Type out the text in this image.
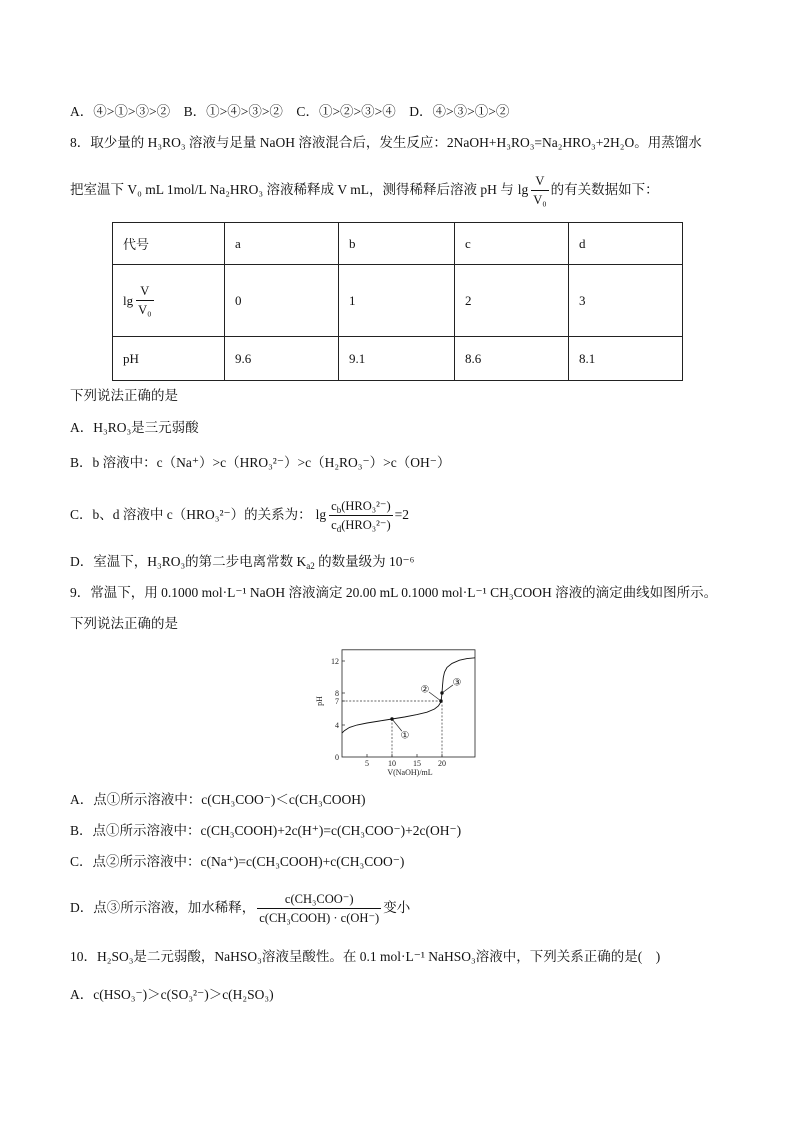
A．④>①>③>②　B．①>④>③>②　C．①>②>③>④　D．④>③>①>②
8．取少量的 H₃RO₃ 溶液与足量 NaOH 溶液混合后，发生反应：2NaOH+H₃RO₃=Na₂HRO₃+2H₂O。用蒸馏水
把室温下 V₀ mL 1mol/L Na₂HRO₃ 溶液稀释成 V mL，测得稀释后溶液 pH 与 $\lg \frac{V}{\text{V₀}}$ 的有关数据如下：
代号	a	b	c	d

$\lg \frac{V}{\text{V₀}}$	0	1	2	3
pH	9.6	9.1	8.6	8.1
下列说法正确的是
A．H₃RO₃是三元弱酸
B．b 溶液中：c（Na⁺）>c（HRO₃²⁻）>c（H₂RO₃⁻）>c（OH⁻）
C．b、d 溶液中 c（HRO₃²⁻）的关系为： $\lg \frac{c_b(HRO_3^{2-})}{c_d(HRO_3^{2-})} =2$
D．室温下，H₃RO₃的第二步电离常数 $K_{a2}$ 的数量级为 10⁻⁶
9．常温下，用 0.1000 mol·L⁻¹ NaOH 溶液滴定 20.00 mL 0.1000 mol·L⁻¹ CH₃COOH 溶液的滴定曲线如图所示。
下列说法正确的是
0
4
7
8
12
5 10 15 20
①
②
③
pH
V(NaOH)/mL
A．点①所示溶液中：c(CH₃COO⁻)＜c(CH₃COOH)
B．点①所示溶液中：c(CH₃COOH)+2c(H⁺)=c(CH₃COO⁻)+2c(OH⁻)
C．点②所示溶液中：c(Na⁺)=c(CH₃COOH)+c(CH₃COO⁻)
D．点③所示溶液，加水稀释， $\frac{\text{c(CH₃COO⁻)}}{\text{c(CH₃COOH) · c(OH⁻)}}$ 变小
10．H₂SO₃是二元弱酸，NaHSO₃溶液呈酸性。在 0.1 mol·L⁻¹ NaHSO₃溶液中，下列关系正确的是(　)
A．c(HSO₃⁻)＞c(SO₃²⁻)＞c(H₂SO₃)
